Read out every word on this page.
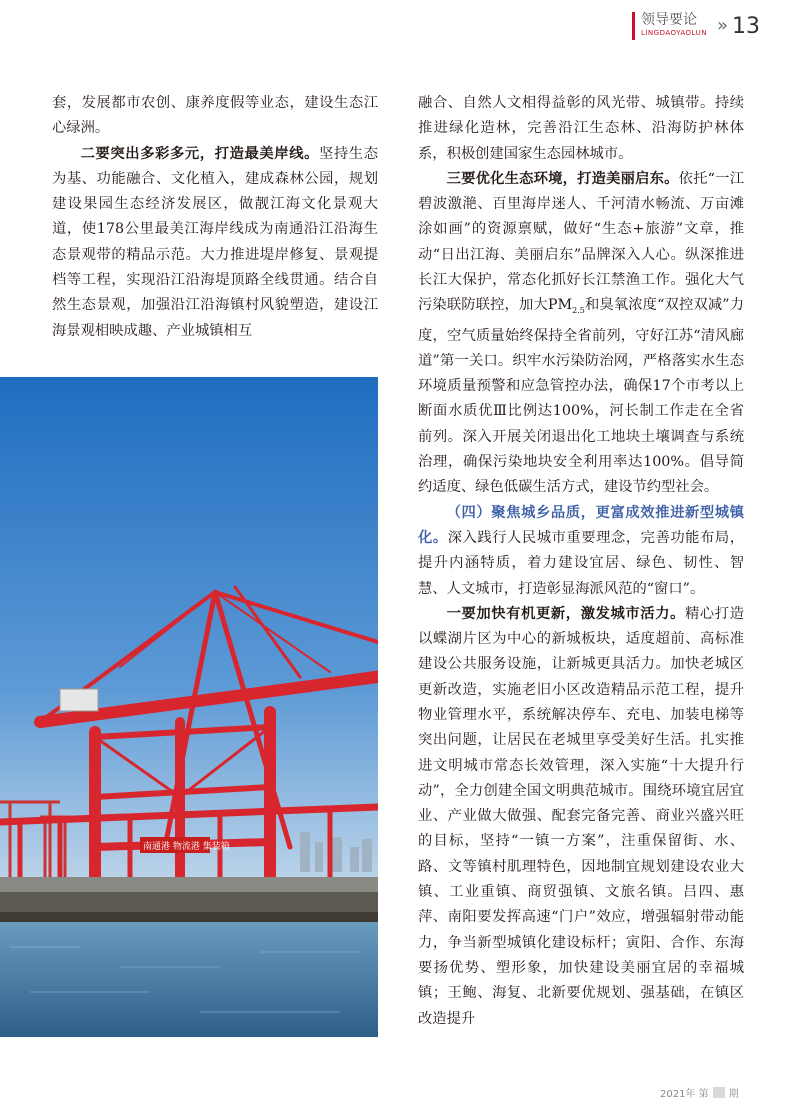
领导要论
LINGDAOYAOLUN » 13

套，发展都市农创、康养度假等业态，建设生态江心绿洲。

二要突出多彩多元，打造最美岸线。坚持生态为基、功能融合、文化植入，建成森林公园，规划建设果园生态经济发展区，做靓江海文化景观大道，使178公里最美江海岸线成为南通沿江沿海生态景观带的精品示范。大力推进堤岸修复、景观提档等工程，实现沿江沿海堤顶路全线贯通。结合自然生态景观，加强沿江沿海镇村风貌塑造，建设江海景观相映成趣、产业城镇相互

南通港 物流港 集装箱

融合、自然人文相得益彰的风光带、城镇带。持续推进绿化造林，完善沿江生态林、沿海防护林体系，积极创建国家生态园林城市。

三要优化生态环境，打造美丽启东。依托“一江碧波激滟、百里海岸迷人、千河清水畅流、万亩滩涂如画”的资源禀赋，做好“生态+旅游”文章，推动“日出江海、美丽启东”品牌深入人心。纵深推进长江大保护，常态化抓好长江禁渔工作。强化大气污染联防联控，加大$PM_{2.5}$和臭氧浓度“双控双减”力度，空气质量始终保持全省前列，守好江苏“清风廊道”第一关口。织牢水污染防治网，严格落实水生态环境质量预警和应急管控办法，确保17个市考以上断面水质优Ⅲ比例达100%，河长制工作走在全省前列。深入开展关闭退出化工地块土壤调查与系统治理，确保污染地块安全利用率达100%。倡导简约适度、绿色低碳生活方式，建设节约型社会。

（四）聚焦城乡品质，更富成效推进新型城镇化。深入践行人民城市重要理念，完善功能布局，提升内涵特质，着力建设宜居、绿色、韧性、智慧、人文城市，打造彰显海派风范的“窗口”。

一要加快有机更新，激发城市活力。精心打造以蝶湖片区为中心的新城板块，适度超前、高标准建设公共服务设施，让新城更具活力。加快老城区更新改造，实施老旧小区改造精品示范工程，提升物业管理水平，系统解决停车、充电、加装电梯等突出问题，让居民在老城里享受美好生活。扎实推进文明城市常态长效管理，深入实施“十大提升行动”，全力创建全国文明典范城市。围绕环境宜居宜业、产业做大做强、配套完备完善、商业兴盛兴旺的目标，坚持“一镇一方案”，注重保留街、水、路、文等镇村肌理特色，因地制宜规划建设农业大镇、工业重镇、商贸强镇、文旅名镇。吕四、惠萍、南阳要发挥高速“门户”效应，增强辐射带动能力，争当新型城镇化建设标杆；寅阳、合作、东海要扬优势、塑形象，加快建设美丽宜居的幸福城镇；王鲍、海复、北新要优规划、强基础，在镇区改造提升

2021年 第 期
